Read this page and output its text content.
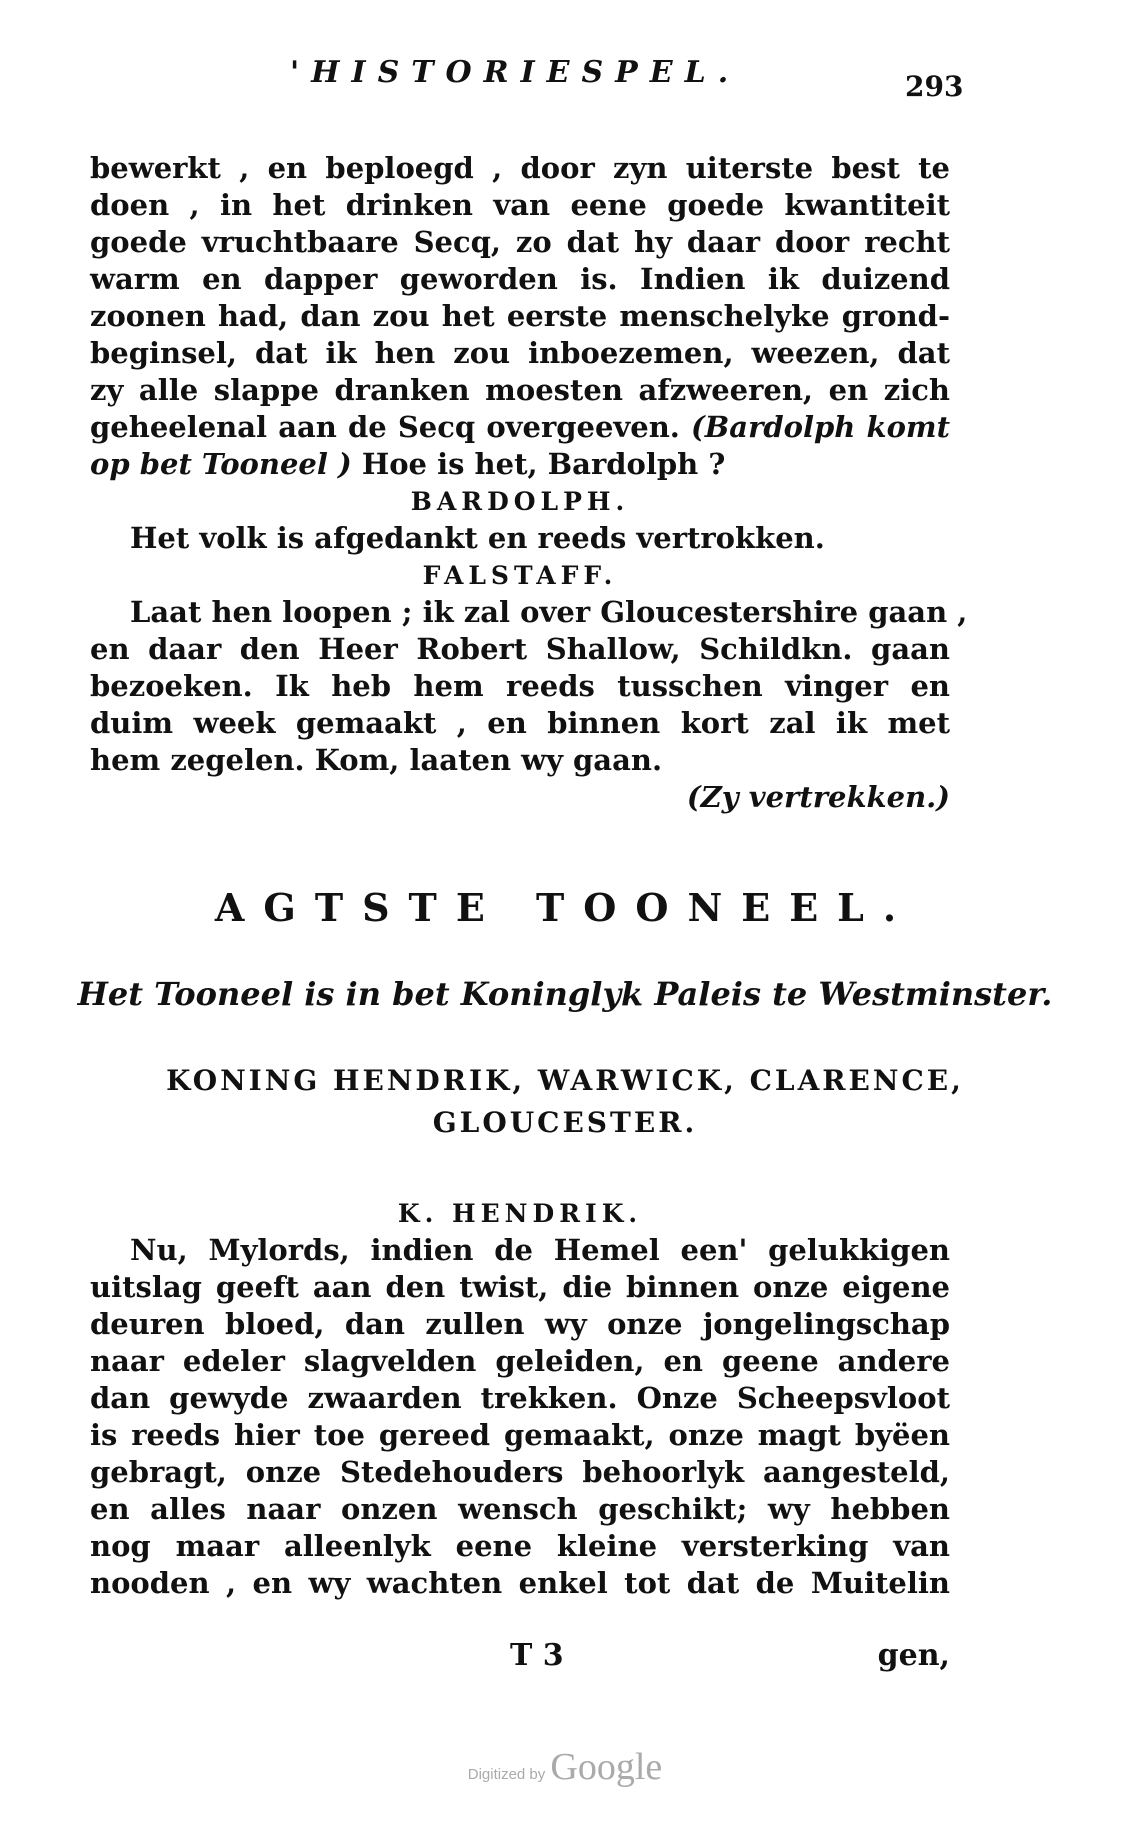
'HISTORIESPEL.	293
bewerkt , en beploegd , door zyn uiterste best te
doen , in het drinken van eene goede kwantiteit
goede vruchtbaare Secq, zo dat hy daar door recht
warm en dapper geworden is. Indien ik duizend
zoonen had, dan zou het eerste menschelyke grond-
beginsel, dat ik hen zou inboezemen, weezen, dat
zy alle slappe dranken moesten afzweeren, en zich
geheelenal aan de Secq overgeeven. (Bardolph komt
op bet Tooneel ) Hoe is het, Bardolph ?
BARDOLPH.
Het volk is afgedankt en reeds vertrokken.
FALSTAFF.
Laat hen loopen ; ik zal over Gloucestershire gaan ,
en daar den Heer Robert Shallow, Schildkn. gaan
bezoeken. Ik heb hem reeds tusschen vinger en
duim week gemaakt , en binnen kort zal ik met
hem zegelen. Kom, laaten wy gaan.
(Zy vertrekken.)
AGTSTE TOONEEL.
Het Tooneel is in bet Koninglyk Paleis te Westminster.
KONING HENDRIK, WARWICK, CLARENCE,
GLOUCESTER.
K. HENDRIK.
Nu, Mylords, indien de Hemel een' gelukkigen
uitslag geeft aan den twist, die binnen onze eigene
deuren bloed, dan zullen wy onze jongelingschap
naar edeler slagvelden geleiden, en geene andere
dan gewyde zwaarden trekken. Onze Scheepsvloot
is reeds hier toe gereed gemaakt, onze magt byëen
gebragt, onze Stedehouders behoorlyk aangesteld,
en alles naar onzen wensch geschikt; wy hebben
nog maar alleenlyk eene kleine versterking van
nooden , en wy wachten enkel tot dat de Muitelin
T 3	gen,
Digitized by Google
